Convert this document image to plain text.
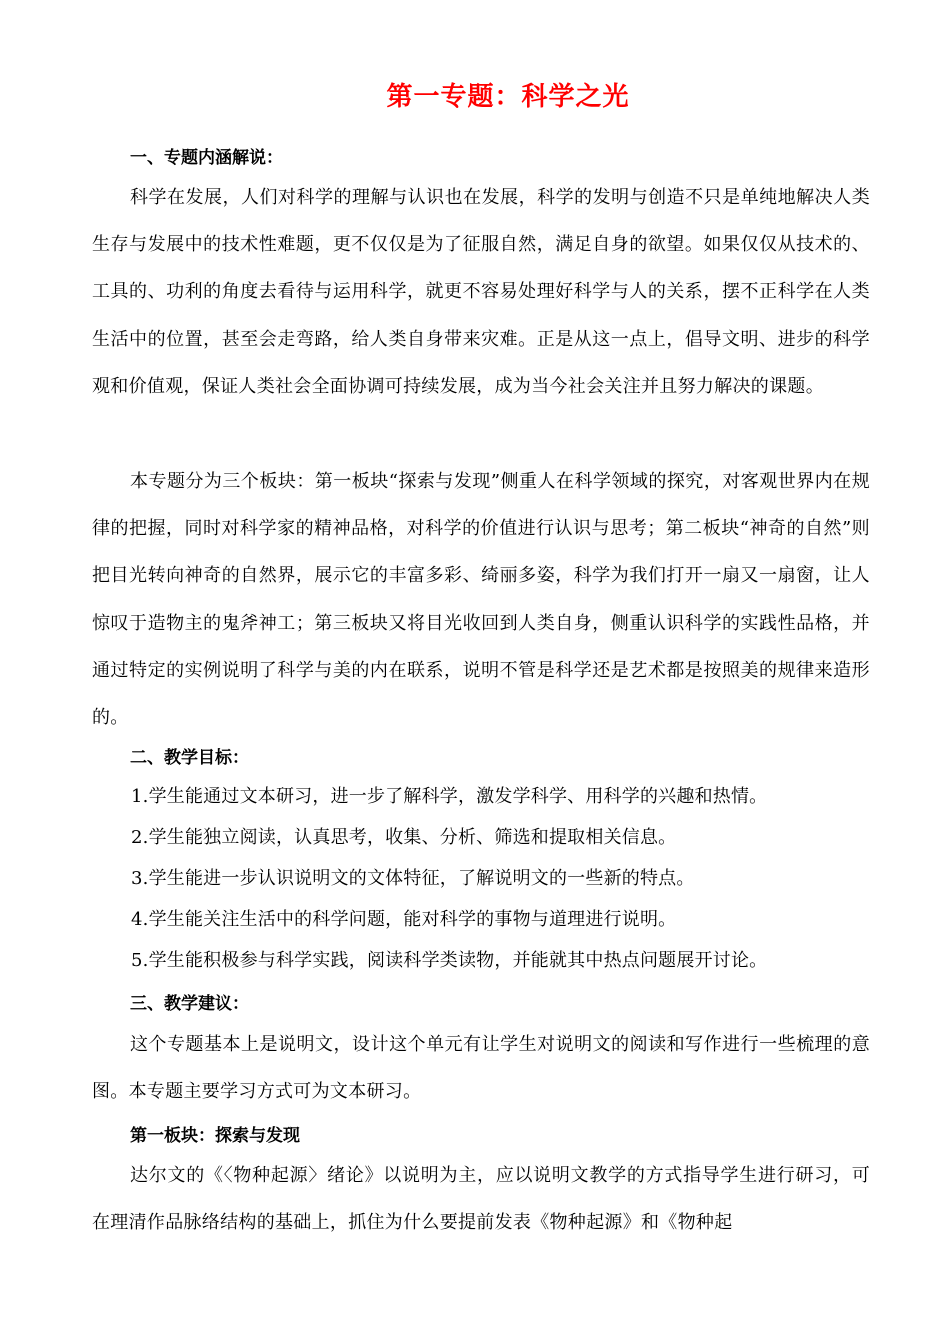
第一专题：科学之光
一、专题内涵解说：

科学在发展，人们对科学的理解与认识也在发展，科学的发明与创造不只是单纯地解决人类生存与发展中的技术性难题，更不仅仅是为了征服自然，满足自身的欲望。如果仅仅从技术的、工具的、功利的角度去看待与运用科学，就更不容易处理好科学与人的关系，摆不正科学在人类生活中的位置，甚至会走弯路，给人类自身带来灾难。正是从这一点上，倡导文明、进步的科学观和价值观，保证人类社会全面协调可持续发展，成为当今社会关注并且努力解决的课题。

本专题分为三个板块：第一板块“探索与发现”侧重人在科学领域的探究，对客观世界内在规律的把握，同时对科学家的精神品格，对科学的价值进行认识与思考；第二板块“神奇的自然”则把目光转向神奇的自然界，展示它的丰富多彩、绮丽多姿，科学为我们打开一扇又一扇窗，让人惊叹于造物主的鬼斧神工；第三板块又将目光收回到人类自身，侧重认识科学的实践性品格，并通过特定的实例说明了科学与美的内在联系，说明不管是科学还是艺术都是按照美的规律来造形的。

二、教学目标：

1.学生能通过文本研习，进一步了解科学，激发学科学、用科学的兴趣和热情。

2.学生能独立阅读，认真思考，收集、分析、筛选和提取相关信息。

3.学生能进一步认识说明文的文体特征，了解说明文的一些新的特点。

4.学生能关注生活中的科学问题，能对科学的事物与道理进行说明。

5.学生能积极参与科学实践，阅读科学类读物，并能就其中热点问题展开讨论。

三、教学建议：

这个专题基本上是说明文，设计这个单元有让学生对说明文的阅读和写作进行一些梳理的意图。本专题主要学习方式可为文本研习。

第一板块：探索与发现

达尔文的《〈物种起源〉绪论》以说明为主，应以说明文教学的方式指导学生进行研习，可在理清作品脉络结构的基础上，抓住为什么要提前发表《物种起源》和《物种起
